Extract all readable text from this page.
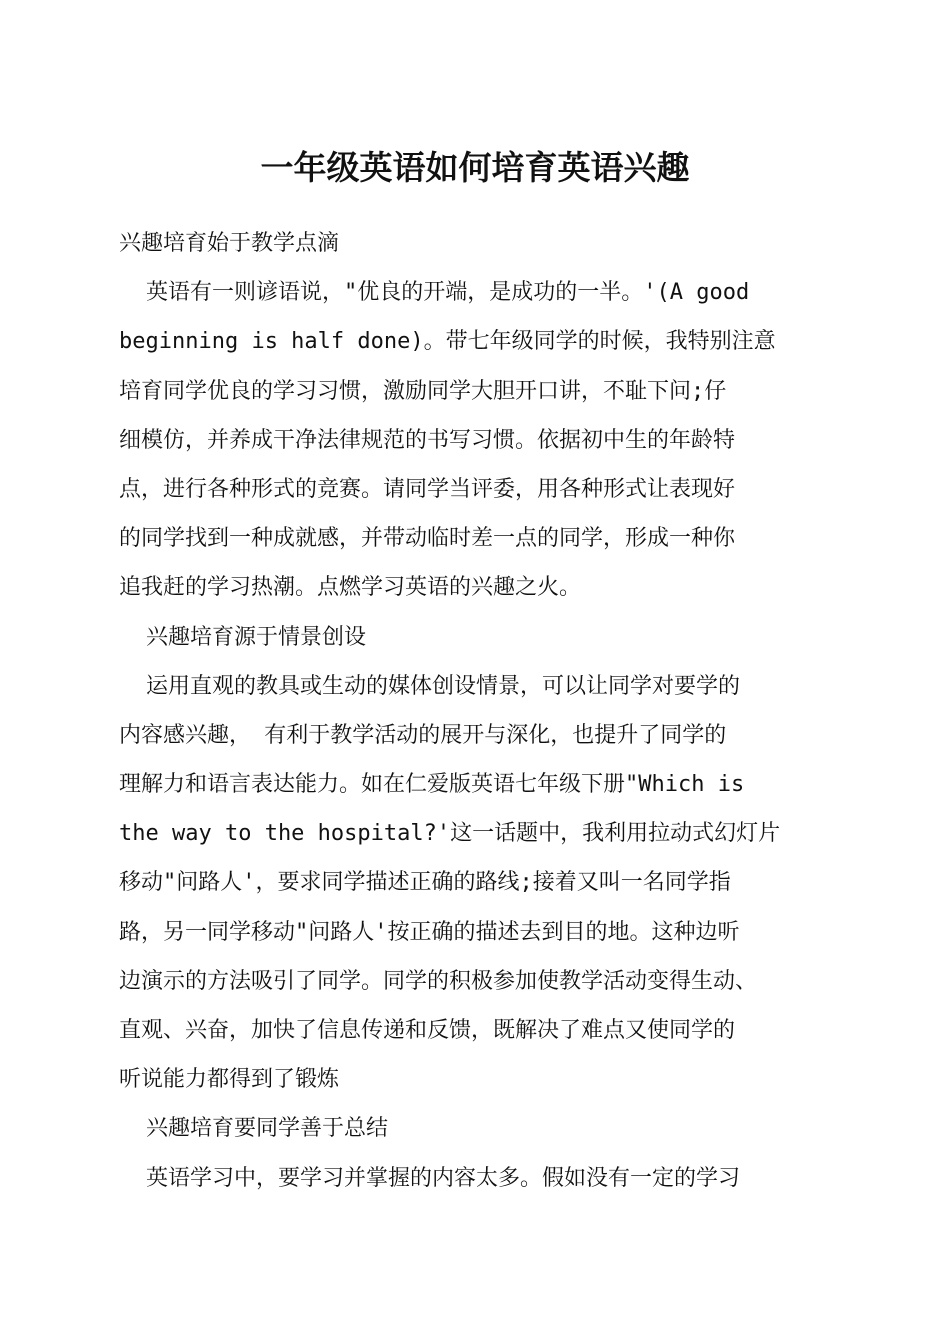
一年级英语如何培育英语兴趣
兴趣培育始于教学点滴
英语有一则谚语说，"优良的开端，是成功的一半。'(A good
beginning is half done)。带七年级同学的时候，我特别注意
培育同学优良的学习习惯，激励同学大胆开口讲，不耻下问;仔
细模仿，并养成干净法律规范的书写习惯。依据初中生的年龄特
点，进行各种形式的竞赛。请同学当评委，用各种形式让表现好
的同学找到一种成就感，并带动临时差一点的同学，形成一种你
追我赶的学习热潮。点燃学习英语的兴趣之火。
兴趣培育源于情景创设
运用直观的教具或生动的媒体创设情景，可以让同学对要学的
内容感兴趣， 有利于教学活动的展开与深化，也提升了同学的
理解力和语言表达能力。如在仁爱版英语七年级下册"Which is
the way to the hospital?'这一话题中，我利用拉动式幻灯片
移动"问路人'，要求同学描述正确的路线;接着又叫一名同学指
路，另一同学移动"问路人'按正确的描述去到目的地。这种边听
边演示的方法吸引了同学。同学的积极参加使教学活动变得生动、
直观、兴奋，加快了信息传递和反馈，既解决了难点又使同学的
听说能力都得到了锻炼
兴趣培育要同学善于总结
英语学习中，要学习并掌握的内容太多。假如没有一定的学习
